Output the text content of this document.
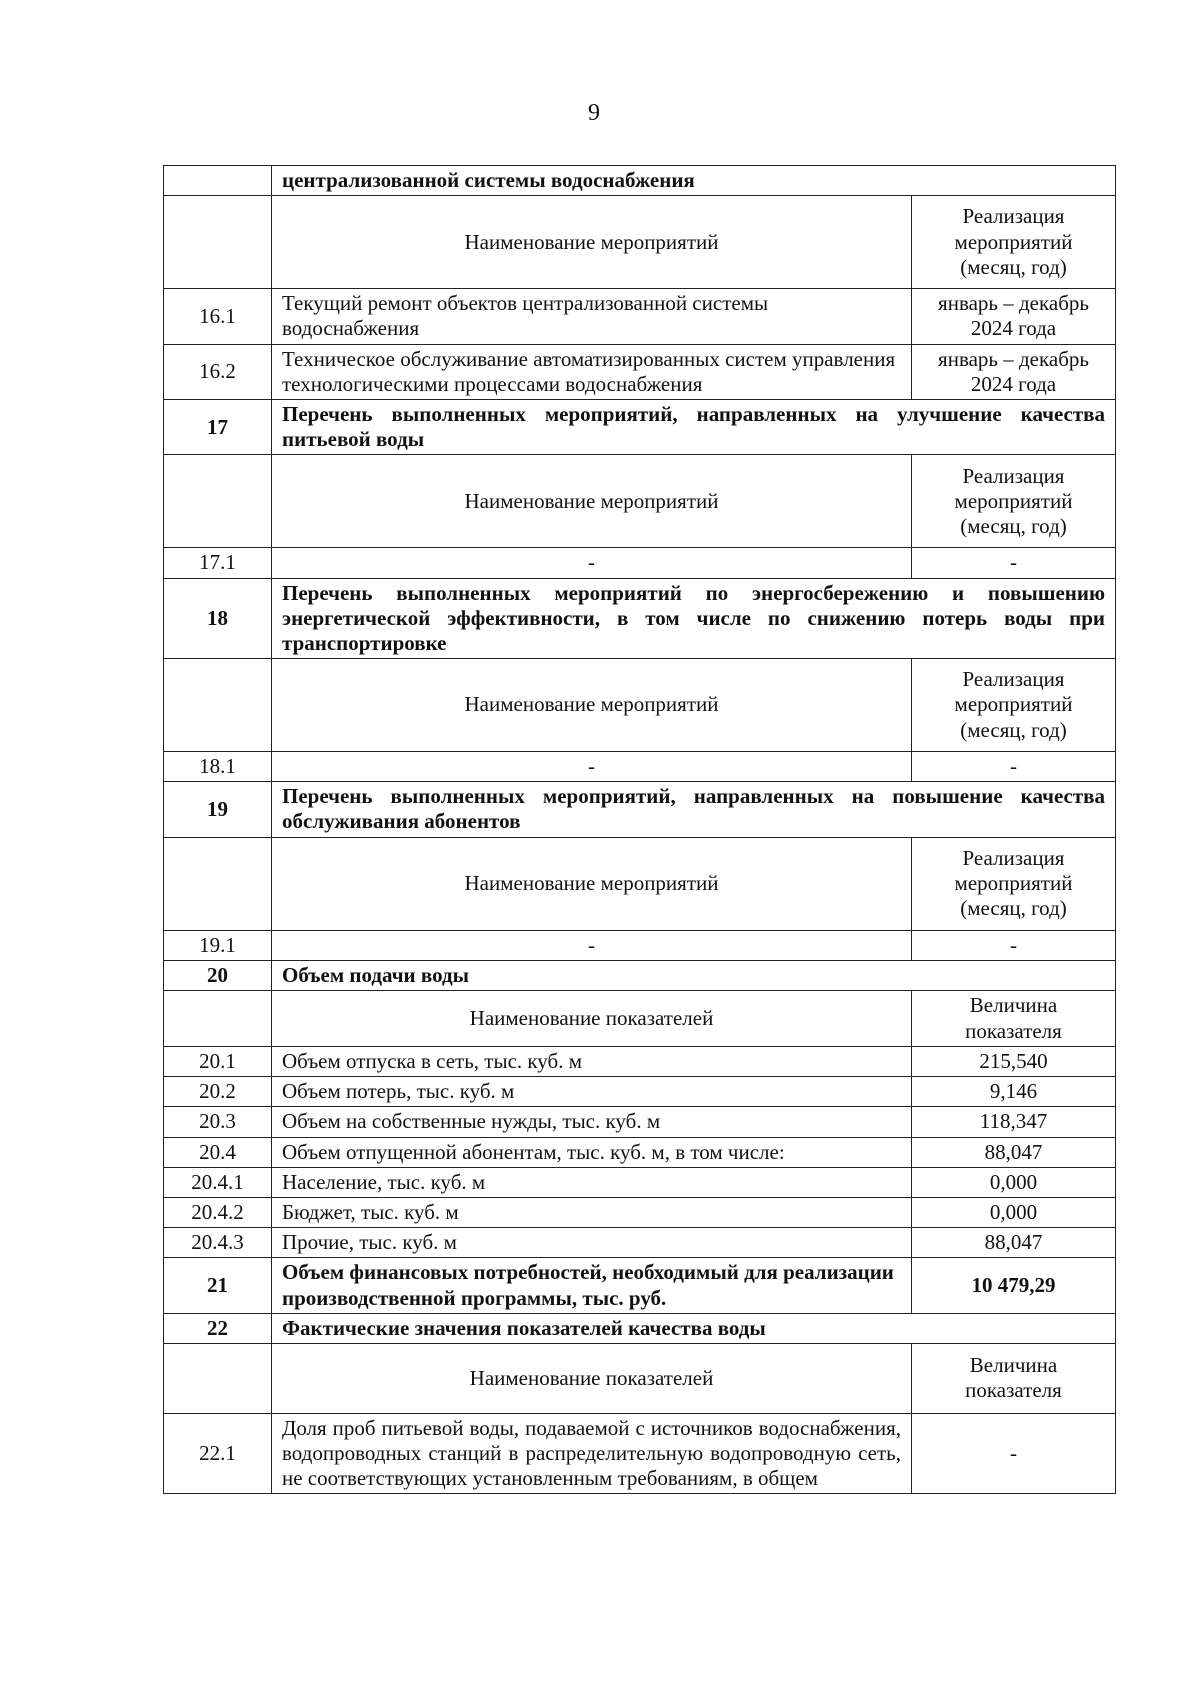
9
	централизованной системы водоснабжения	
	Наименование мероприятий	Реализация мероприятий (месяц, год)
16.1	Текущий ремонт объектов централизованной системы водоснабжения	январь – декабрь 2024 года
16.2	Техническое обслуживание автоматизированных систем управления технологическими процессами водоснабжения	январь – декабрь 2024 года
17	Перечень выполненных мероприятий, направленных на улучшение качества питьевой воды	
	Наименование мероприятий	Реализация мероприятий (месяц, год)
17.1	-	-
18	Перечень выполненных мероприятий по энергосбережению и повышению энергетической эффективности, в том числе по снижению потерь воды при транспортировке	
	Наименование мероприятий	Реализация мероприятий (месяц, год)
18.1	-	-
19	Перечень выполненных мероприятий, направленных на повышение качества обслуживания абонентов	
	Наименование мероприятий	Реализация мероприятий (месяц, год)
19.1	-	-
20	Объем подачи воды	
	Наименование показателей	Величина показателя
20.1	Объем отпуска в сеть, тыс. куб. м	215,540
20.2	Объем потерь, тыс. куб. м	9,146
20.3	Объем на собственные нужды, тыс. куб. м	118,347
20.4	Объем отпущенной абонентам, тыс. куб. м, в том числе:	88,047
20.4.1	Население, тыс. куб. м	0,000
20.4.2	Бюджет, тыс. куб. м	0,000
20.4.3	Прочие, тыс. куб. м	88,047
21	Объем финансовых потребностей, необходимый для реализации производственной программы, тыс. руб.	10 479,29
22	Фактические значения показателей качества воды	
	Наименование показателей	Величина показателя
22.1	Доля проб питьевой воды, подаваемой с источников водоснабжения, водопроводных станций в распределительную водопроводную сеть, не соответствующих установленным требованиям, в общем	-
